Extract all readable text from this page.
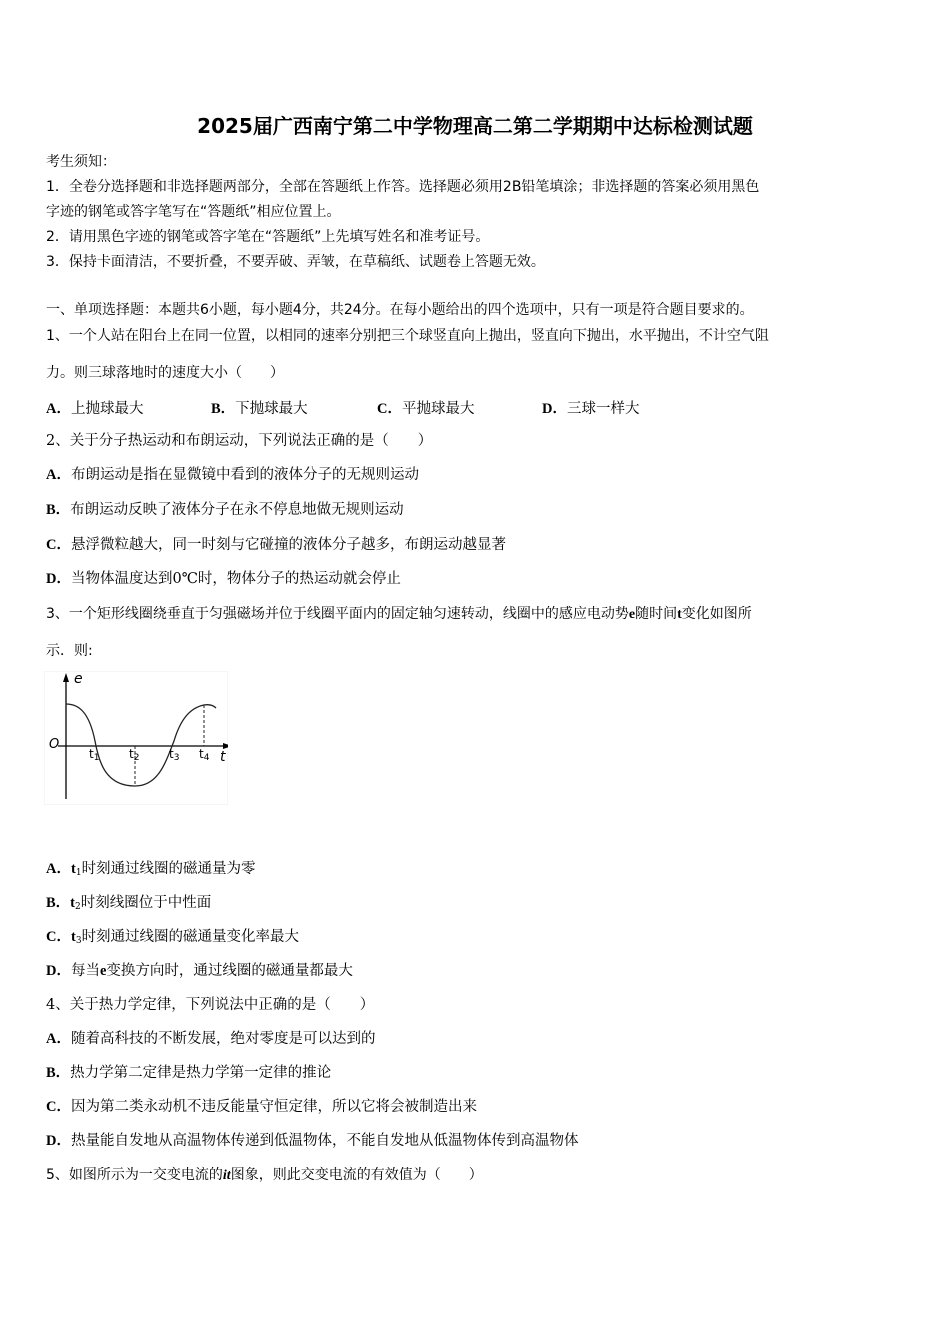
2025届广西南宁第二中学物理高二第二学期期中达标检测试题
考生须知：
1．全卷分选择题和非选择题两部分，全部在答题纸上作答。选择题必须用2B铅笔填涂；非选择题的答案必须用黑色
字迹的钢笔或答字笔写在“答题纸”相应位置上。
2．请用黑色字迹的钢笔或答字笔在“答题纸”上先填写姓名和准考证号。
3．保持卡面清洁，不要折叠，不要弄破、弄皱，在草稿纸、试题卷上答题无效。
一、单项选择题：本题共6小题，每小题4分，共24分。在每小题给出的四个选项中，只有一项是符合题目要求的。
1、一个人站在阳台上在同一位置，以相同的速率分别把三个球竖直向上抛出，竖直向下抛出，水平抛出，不计空气阻
力。则三球落地时的速度大小（　　）
A．上抛球最大	B．下抛球最大	C．平抛球最大	D．三球一样大
2、关于分子热运动和布朗运动，下列说法正确的是（　　）
A．布朗运动是指在显微镜中看到的液体分子的无规则运动
B．布朗运动反映了液体分子在永不停息地做无规则运动
C．悬浮微粒越大，同一时刻与它碰撞的液体分子越多，布朗运动越显著
D．当物体温度达到0℃时，物体分子的热运动就会停止
3、一个矩形线圈绕垂直于匀强磁场并位于线圈平面内的固定轴匀速转动，线圈中的感应电动势e随时间t变化如图所
示．则:
e
O
t
$t_1$ $t_2$ $t_3$ $t_4$
A．$t_1$时刻通过线圈的磁通量为零
B．$t_2$时刻线圈位于中性面
C．$t_3$时刻通过线圈的磁通量变化率最大
D．每当e变换方向时，通过线圈的磁通量都最大
4、关于热力学定律，下列说法中正确的是（　　）
A．随着高科技的不断发展，绝对零度是可以达到的
B．热力学第二定律是热力学第一定律的推论
C．因为第二类永动机不违反能量守恒定律，所以它将会被制造出来
D．热量能自发地从高温物体传递到低温物体，不能自发地从低温物体传到高温物体
5、如图所示为一交变电流的it图象，则此交变电流的有效值为（　　）
